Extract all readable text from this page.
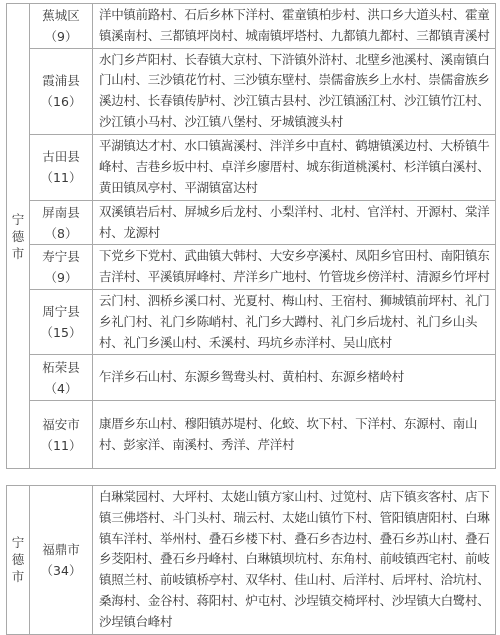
宁
德
市	蕉城区
（9）	洋中镇前路村、石后乡林下洋村、霍童镇柏步村、洪口乡大道头村、霍童镇溪南村、三都镇坪岗村、城南镇坪塔村、九都镇九都村、三都镇青溪村

	霞浦县
（16）	水门乡芦阳村、长春镇大京村、下浒镇外浒村、北壁乡池溪村、溪南镇白门山村、三沙镇花竹村、三沙镇东壁村、崇儒畲族乡上水村、崇儒畲族乡溪边村、长春镇传胪村、沙江镇古县村、沙江镇涵江村、沙江镇竹江村、沙江镇小马村、沙江镇八堡村、牙城镇渡头村

	古田县
（11）	平湖镇达才村、水口镇嵩溪村、泮洋乡中直村、鹤塘镇溪边村、大桥镇牛峰村、吉巷乡坂中村、卓洋乡廖厝村、城东街道桃溪村、杉洋镇白溪村、黄田镇凤亭村、平湖镇富达村

	屏南县
（8）	双溪镇岩后村、屏城乡后龙村、小梨洋村、北村、官洋村、开源村、棠洋村、龙源村

	寿宁县
（9）	下党乡下党村、武曲镇大韩村、大安乡亭溪村、凤阳乡官田村、南阳镇东吉洋村、平溪镇屏峰村、芹洋乡广地村、竹管垅乡傍洋村、清源乡竹坪村

	周宁县
（15）	云门村、泗桥乡溪口村、光夏村、梅山村、王宿村、狮城镇前坪村、礼门乡礼门村、礼门乡陈峭村、礼门乡大蹲村、礼门乡后垅村、礼门乡山头村、礼门乡溪山村、禾溪村、玛坑乡赤洋村、吴山底村

	柘荣县
（4）	乍洋乡石山村、东源乡鸳鸯头村、黄柏村、东源乡楮岭村

	福安市
（11）	康厝乡东山村、穆阳镇苏堤村、化蛟、坎下村、下洋村、东源村、南山村、彭家洋、南溪村、秀洋、芹洋村
宁
德
市

福鼎市
（34）
	白琳棠园村、大坪村、太姥山镇方家山村、过笕村、店下镇亥客村、店下镇三佛塔村、斗门头村、瑞云村、太姥山镇竹下村、管阳镇唐阳村、白琳镇车洋村、举州村、叠石乡楼下村、叠石乡杏边村、叠石乡苏山村、叠石乡茭阳村、叠石乡丹峰村、白琳镇坝坑村、东角村、前岐镇西宅村、前岐镇照兰村、前岐镇桥亭村、双华村、佳山村、后洋村、后坪村、洽坑村、桑海村、金谷村、蒋阳村、炉屯村、沙埕镇交椅坪村、沙埕镇大白鹭村、沙埕镇台峰村
